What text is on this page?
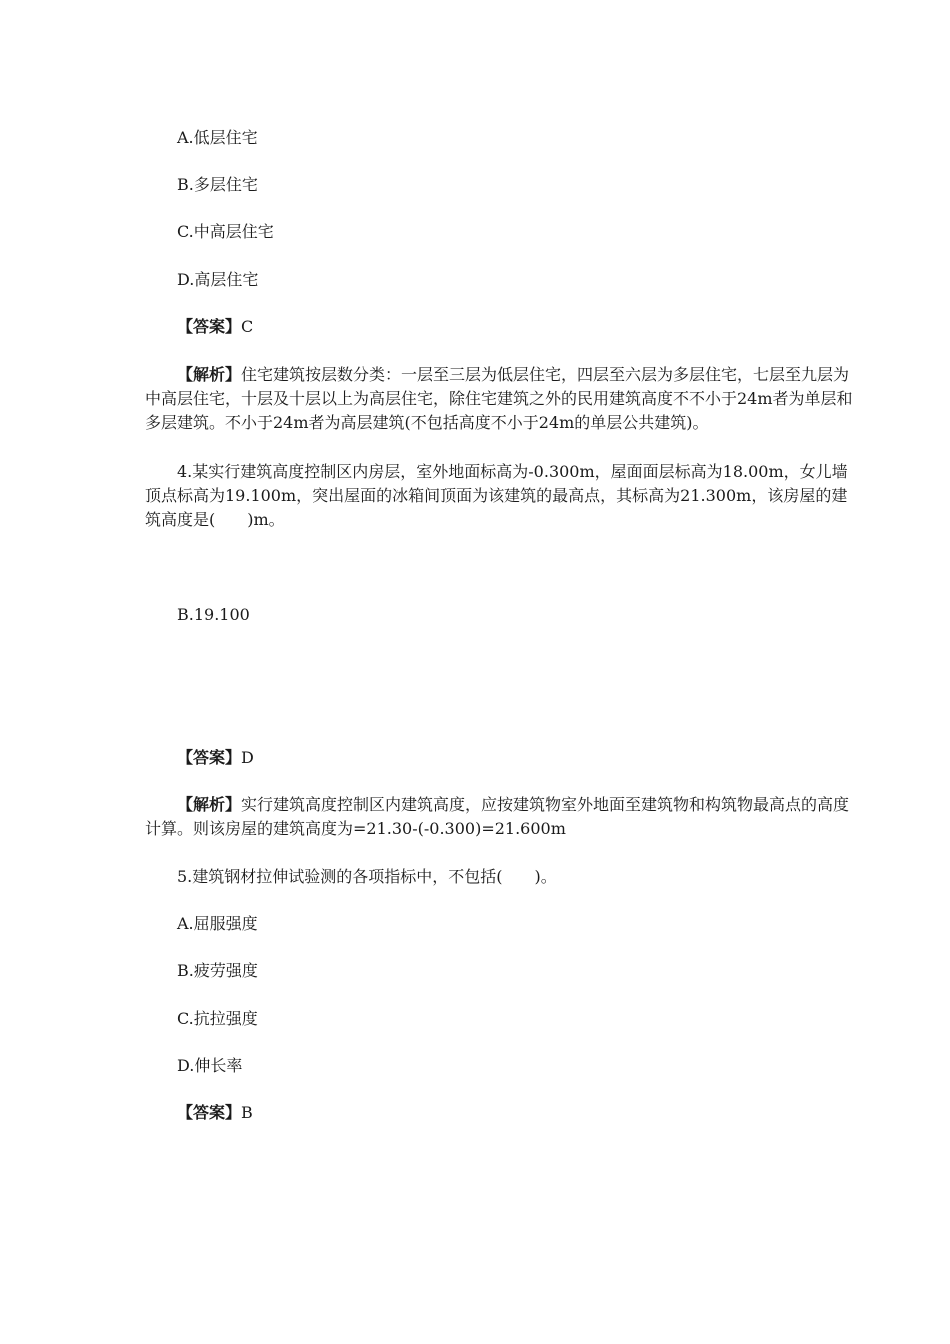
A.低层住宅
B.多层住宅
C.中高层住宅
D.高层住宅
【答案】C
【解析】住宅建筑按层数分类：一层至三层为低层住宅，四层至六层为多层住宅，七层至九层为中高层住宅，十层及十层以上为高层住宅，除住宅建筑之外的民用建筑高度不不小于24m者为单层和多层建筑。不小于24m者为高层建筑(不包括高度不小于24m的单层公共建筑)。
4.某实行建筑高度控制区内房层，室外地面标高为-0.300m，屋面面层标高为18.00m，女儿墙顶点标高为19.100m，突出屋面的冰箱间顶面为该建筑的最高点，其标高为21.300m，该房屋的建筑高度是(　　)m。
B.19.100
【答案】D
【解析】实行建筑高度控制区内建筑高度，应按建筑物室外地面至建筑物和构筑物最高点的高度计算。则该房屋的建筑高度为=21.30-(-0.300)=21.600m
5.建筑钢材拉伸试验测的各项指标中，不包括(　　)。
A.屈服强度
B.疲劳强度
C.抗拉强度
D.伸长率
【答案】B
